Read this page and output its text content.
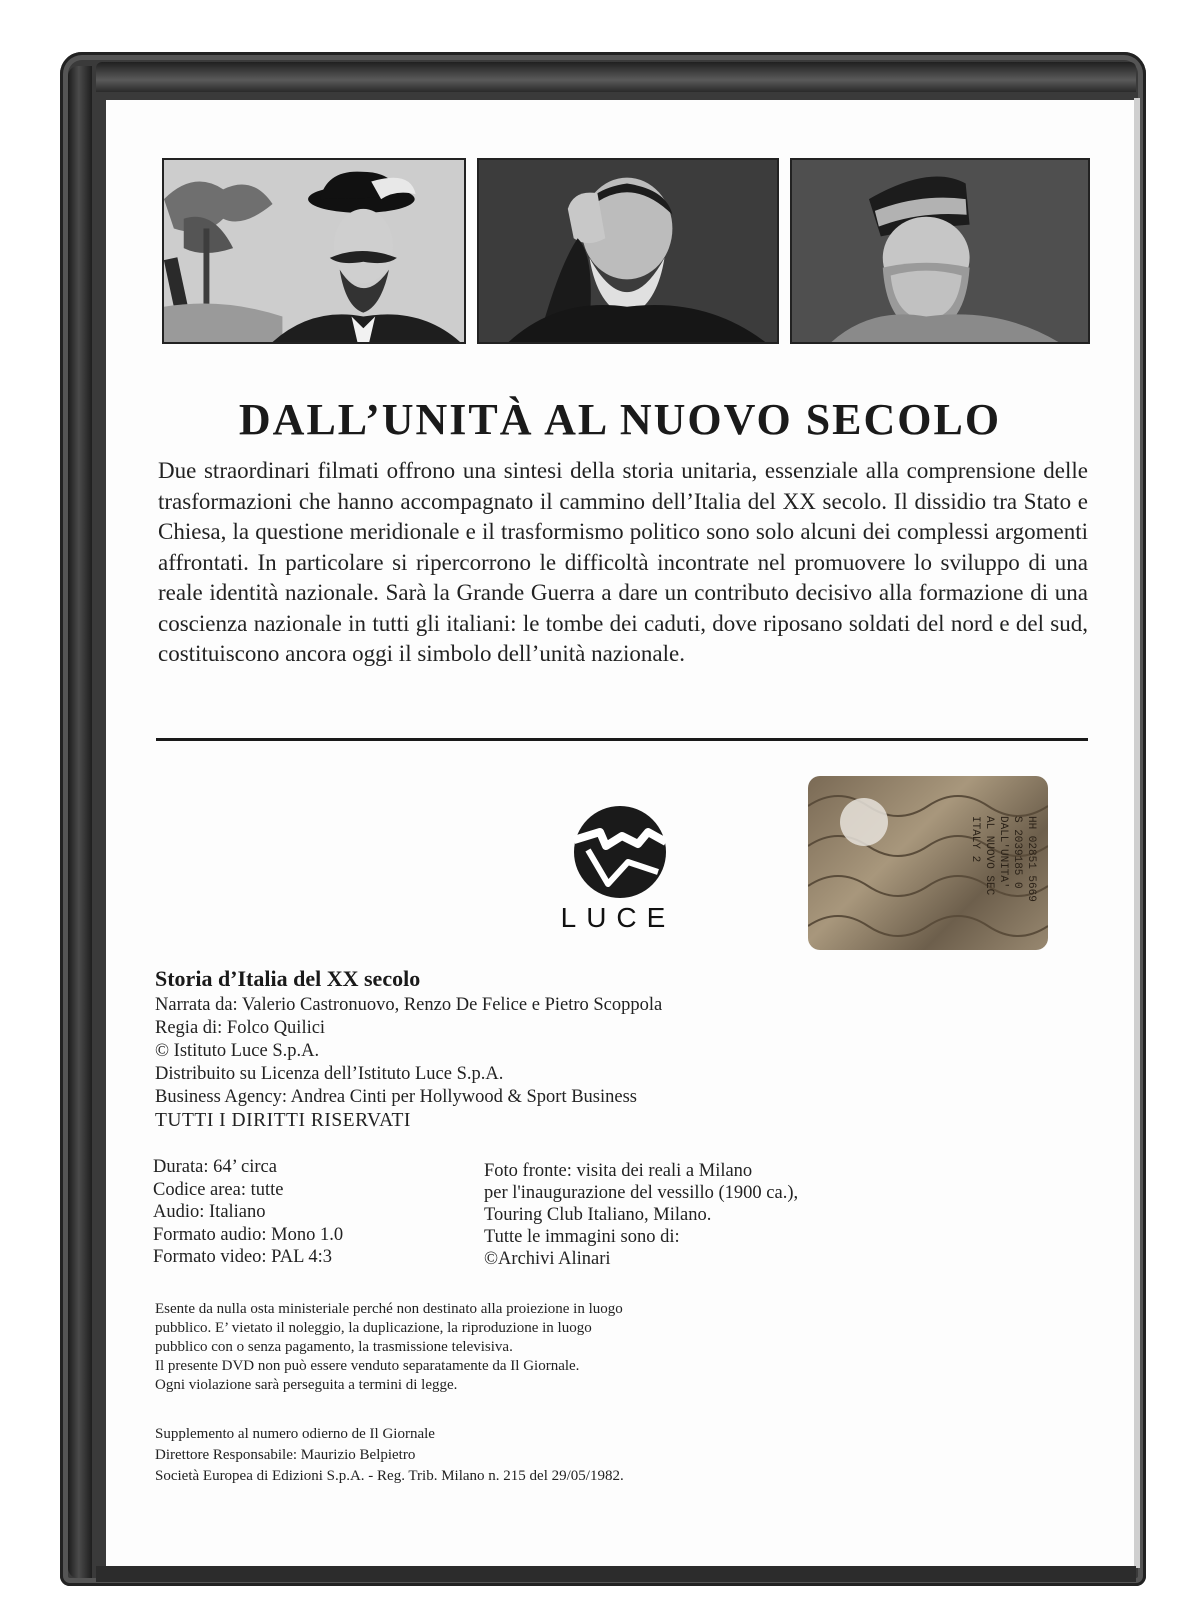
DALL’UNITÀ AL NUOVO SECOLO
Due straordinari filmati offrono una sintesi della storia unitaria, essenziale alla comprensione delle trasformazioni che hanno accompagnato il cammino dell’Italia del XX secolo. Il dissidio tra Stato e Chiesa, la questione meridionale e il trasformismo politico sono solo alcuni dei complessi argomenti affrontati. In particolare si ripercorrono le difficoltà incontrate nel promuovere lo sviluppo di una reale identità nazionale. Sarà la Grande Guerra a dare un contributo decisivo alla formazione di una coscienza nazionale in tutti gli italiani: le tombe dei caduti, dove riposano soldati del nord e del sud, costituiscono ancora oggi il simbolo dell’unità nazionale.
LUCE
HH 02851 5669
S 2039185 0
DALL'UNITA'
AL NUOVO SEC
ITALY 2
Storia d’Italia del XX secolo
Narrata da: Valerio Castronuovo, Renzo De Felice e Pietro Scoppola
Regia di: Folco Quilici
© Istituto Luce S.p.A.
Distribuito su Licenza dell’Istituto Luce S.p.A.
Business Agency: Andrea Cinti per Hollywood & Sport Business
TUTTI I DIRITTI RISERVATI
Durata: 64’ circa
Codice area: tutte
Audio: Italiano
Formato audio: Mono 1.0
Formato video: PAL 4:3
Foto fronte: visita dei reali a Milano
per l'inaugurazione del vessillo (1900 ca.),
Touring Club Italiano, Milano.
Tutte le immagini sono di:
©Archivi Alinari
Esente da nulla osta ministeriale perché non destinato alla proiezione in luogo
pubblico. E’ vietato il noleggio, la duplicazione, la riproduzione in luogo
pubblico con o senza pagamento, la trasmissione televisiva.
Il presente DVD non può essere venduto separatamente da Il Giornale.
Ogni violazione sarà perseguita a termini di legge.
Supplemento al numero odierno de Il Giornale
Direttore Responsabile: Maurizio Belpietro
Società Europea di Edizioni S.p.A. - Reg. Trib. Milano n. 215 del 29/05/1982.
